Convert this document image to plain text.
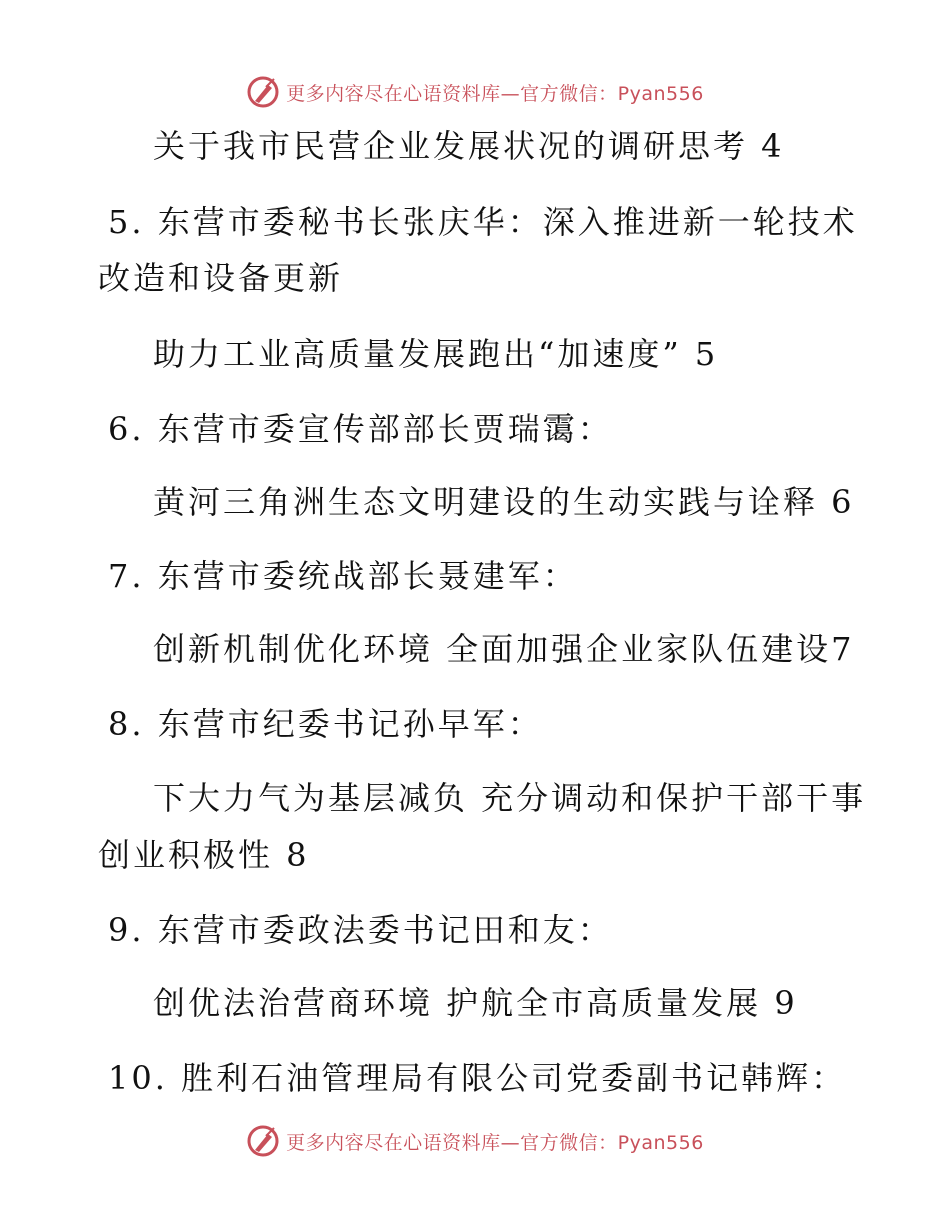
更多内容尽在心语资料库—官方微信：Pyan556
关于我市民营企业发展状况的调研思考 4
5. 东营市委秘书长张庆华：深入推进新一轮技术
改造和设备更新
助力工业高质量发展跑出“加速度” 5
6. 东营市委宣传部部长贾瑞霭：
黄河三角洲生态文明建设的生动实践与诠释 6
7. 东营市委统战部长聂建军：
创新机制优化环境 全面加强企业家队伍建设7
8. 东营市纪委书记孙早军：
下大力气为基层减负 充分调动和保护干部干事
创业积极性 8
9. 东营市委政法委书记田和友：
创优法治营商环境 护航全市高质量发展 9
10. 胜利石油管理局有限公司党委副书记韩辉：
更多内容尽在心语资料库—官方微信：Pyan556
